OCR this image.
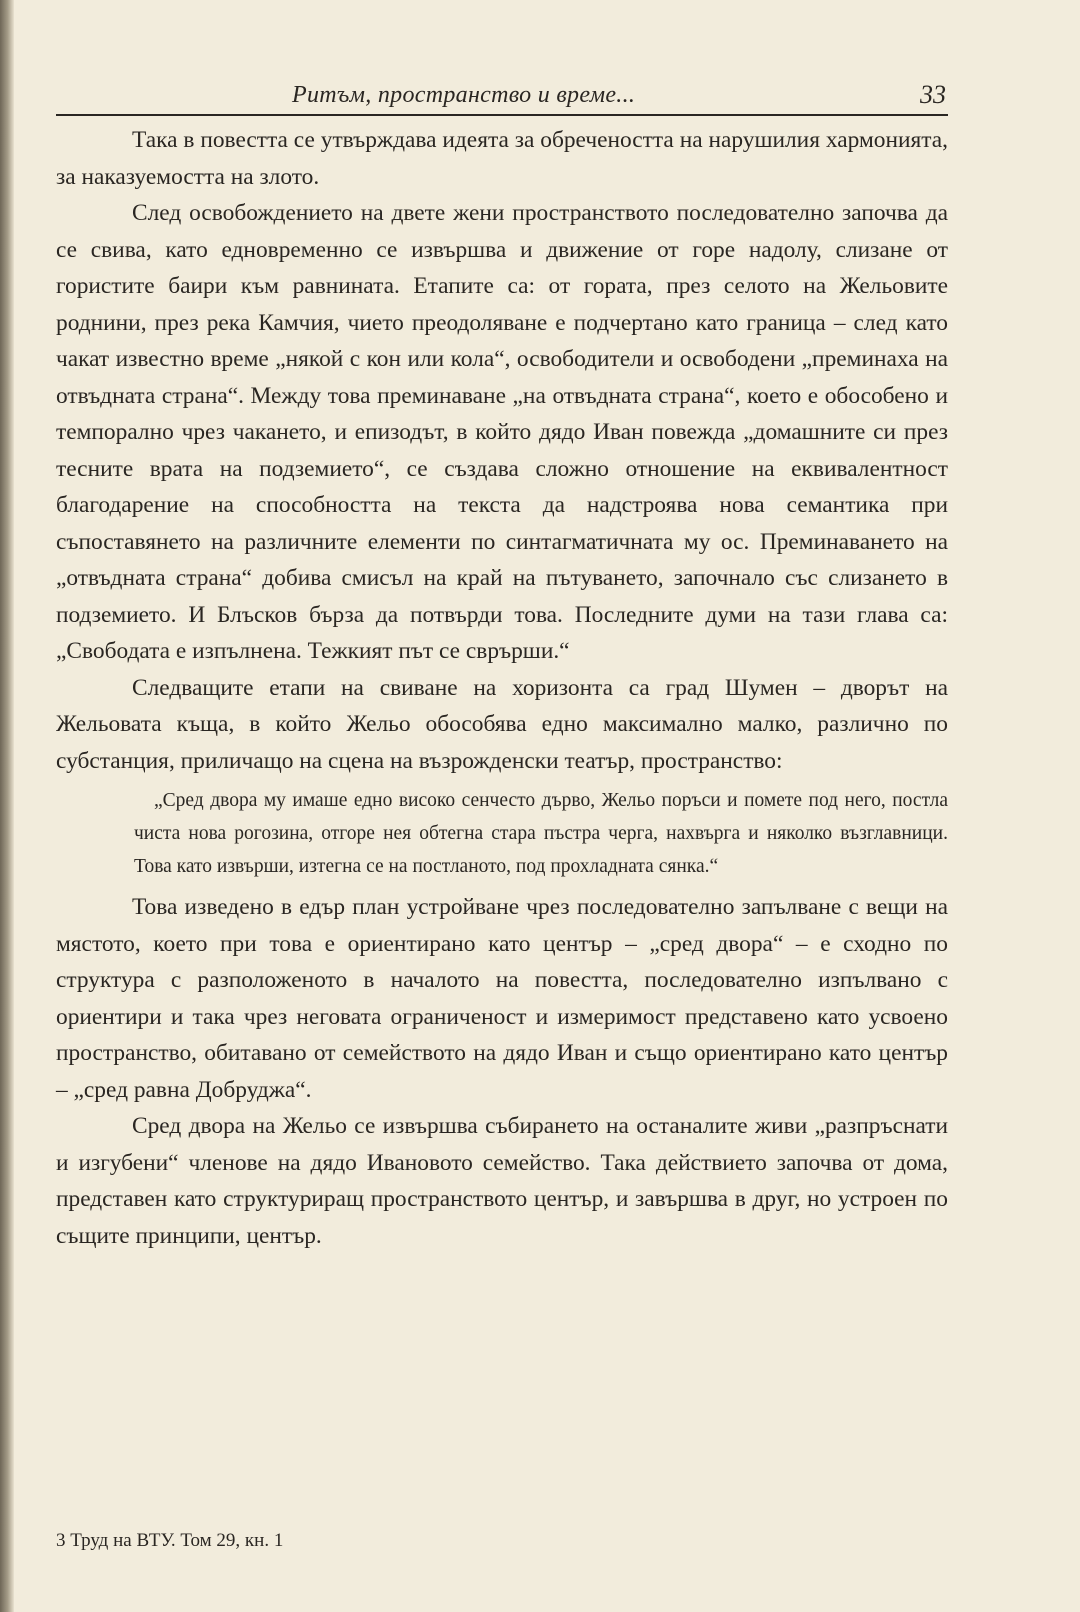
Ритъм, пространство и време...	33

Така в повестта се утвърждава идеята за обречеността на нарушилия хармонията, за наказуемостта на злото.

След освобождението на двете жени пространството последователно започва да се свива, като едновременно се извършва и движение от горе надолу, слизане от гористите баири към равнината. Етапите са: от гората, през селото на Жельовите роднини, през река Камчия, чието преодоляване е подчертано като граница – след като чакат известно време „някой с кон или кола“, освободители и освободени „преминаха на отвъдната страна“. Между това преминаване „на отвъдната страна“, което е обособено и темпорално чрез чакането, и епизодът, в който дядо Иван повежда „домашните си през тесните врата на подземието“, се създава сложно отношение на еквивалентност благодарение на способността на текста да надстроява нова семантика при съпоставянето на различните елементи по синтагматичната му ос. Преминаването на „отвъдната страна“ добива смисъл на край на пътуването, започнало със слизането в подземието. И Блъсков бърза да потвърди това. Последните думи на тази глава са: „Свободата е изпълнена. Тежкият път се сврърши.“

Следващите етапи на свиване на хоризонта са град Шумен – дворът на Жельовата къща, в който Жельо обособява едно максимално малко, различно по субстанция, приличащо на сцена на възрожденски театър, пространство:

„Сред двора му имаше едно високо сенчесто дърво, Жельо поръси и помете под него, постла чиста нова рогозина, отгоре нея обтегна стара пъстра черга, нахвърга и няколко възглавници. Това като извърши, изтегна се на постланото, под прохладната сянка.“

Това изведено в едър план устройване чрез последователно запълване с вещи на мястото, което при това е ориентирано като център – „сред двора“ – е сходно по структура с разположеното в началото на повестта, последователно изпълвано с ориентири и така чрез неговата ограниченост и измеримост представено като усвоено пространство, обитавано от семейството на дядо Иван и също ориентирано като център – „сред равна Добруджа“.

Сред двора на Жельо се извършва събирането на останалите живи „разпръснати и изгубени“ членове на дядо Ивановото семейство. Така действието започва от дома, представен като структуриращ пространството център, и завършва в друг, но устроен по същите принципи, център.

3 Труд на ВТУ. Том 29, кн. 1
